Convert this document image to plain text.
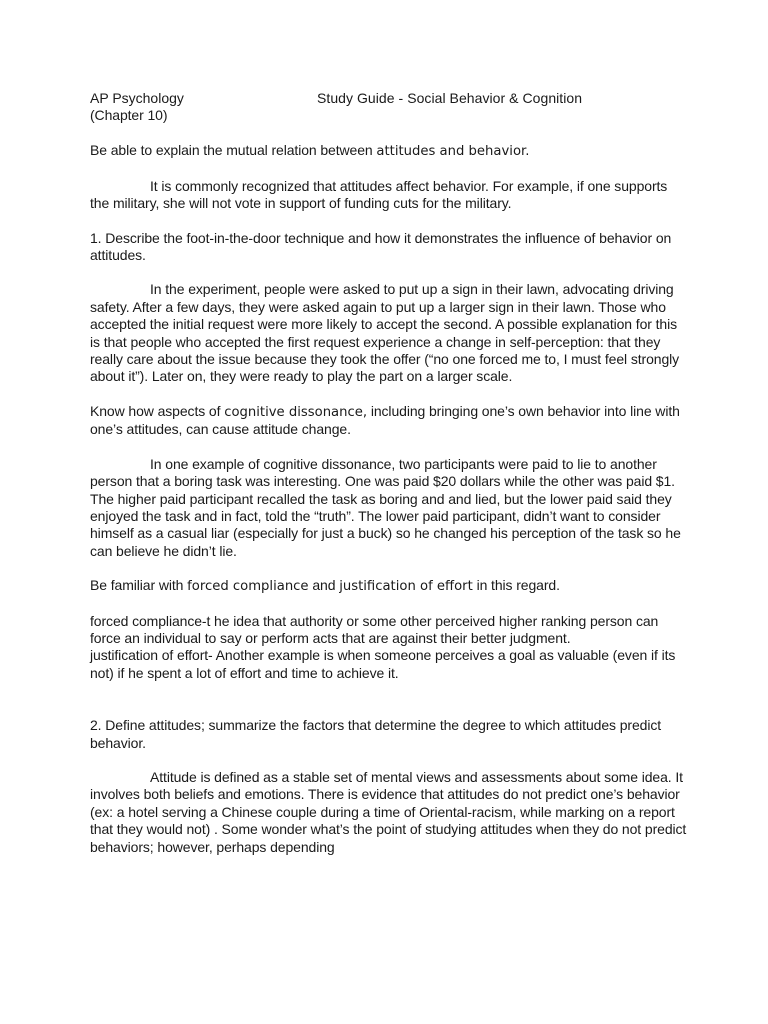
AP Psychology	Study Guide - Social Behavior & Cognition

(Chapter 10)

Be able to explain the mutual relation between attitudes and behavior.

It is commonly recognized that attitudes affect behavior. For example, if one supports the military, she will not vote in support of funding cuts for the military.

1. Describe the foot-in-the-door technique and how it demonstrates the influence of behavior on attitudes.

In the experiment, people were asked to put up a sign in their lawn, advocating driving safety. After a few days, they were asked again to put up a larger sign in their lawn. Those who accepted the initial request were more likely to accept the second. A possible explanation for this is that people who accepted the first request experience a change in self-perception: that they really care about the issue because they took the offer (“no one forced me to, I must feel strongly about it”). Later on, they were ready to play the part on a larger scale.

Know how aspects of cognitive dissonance, including bringing one’s own behavior into line with one’s attitudes, can cause attitude change.

In one example of cognitive dissonance, two participants were paid to lie to another person that a boring task was interesting. One was paid $20 dollars while the other was paid $1. The higher paid participant recalled the task as boring and and lied, but the lower paid said they enjoyed the task and in fact, told the “truth”. The lower paid participant, didn’t want to consider himself as a casual liar (especially for just a buck) so he changed his perception of the task so he can believe he didn’t lie.

Be familiar with forced compliance and justification of effort in this regard.

forced compliance-t he idea that authority or some other perceived higher ranking person can force an individual to say or perform acts that are against their better judgment.

justification of effort- Another example is when someone perceives a goal as valuable (even if its not) if he spent a lot of effort and time to achieve it.

2. Define attitudes; summarize the factors that determine the degree to which attitudes predict behavior.

Attitude is defined as a stable set of mental views and assessments about some idea. It involves both beliefs and emotions. There is evidence that attitudes do not predict one’s behavior (ex: a hotel serving a Chinese couple during a time of Oriental-racism, while marking on a report that they would not) . Some wonder what’s the point of studying attitudes when they do not predict behaviors; however, perhaps depending
